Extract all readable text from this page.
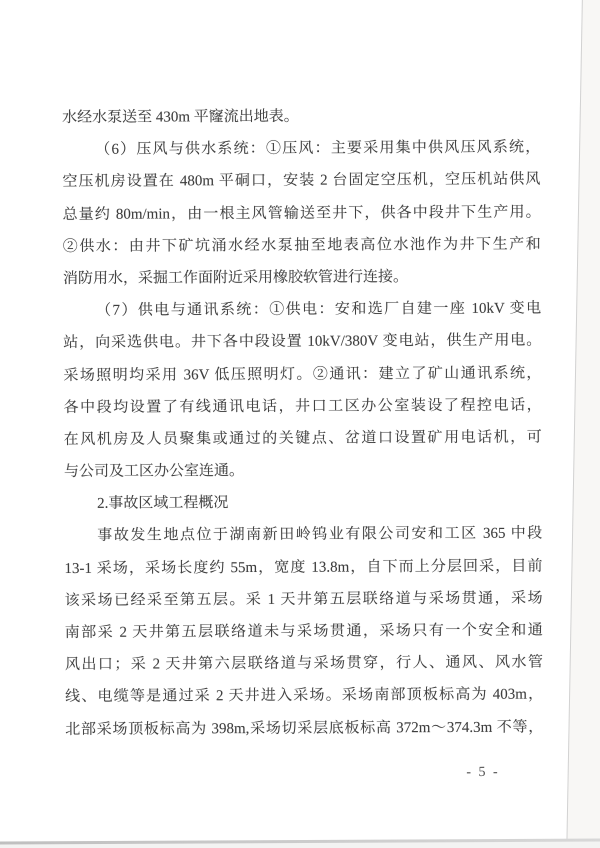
水经水泵送至 430m 平窿流出地表。
（6）压风与供水系统：①压风：主要采用集中供风压风系统，
空压机房设置在 480m 平硐口，安装 2 台固定空压机，空压机站供风
总量约 80m/min，由一根主风管输送至井下，供各中段井下生产用。
②供水：由井下矿坑涌水经水泵抽至地表高位水池作为井下生产和
消防用水，采掘工作面附近采用橡胶软管进行连接。
（7）供电与通讯系统：①供电：安和选厂自建一座 10kV 变电
站，向采选供电。井下各中段设置 10kV/380V 变电站，供生产用电。
采场照明均采用 36V 低压照明灯。②通讯：建立了矿山通讯系统，
各中段均设置了有线通讯电话，井口工区办公室装设了程控电话，
在风机房及人员聚集或通过的关键点、岔道口设置矿用电话机，可
与公司及工区办公室连通。
2.事故区域工程概况
事故发生地点位于湖南新田岭钨业有限公司安和工区 365 中段
13-1 采场，采场长度约 55m，宽度 13.8m，自下而上分层回采，目前
该采场已经采至第五层。采 1 天井第五层联络道与采场贯通，采场
南部采 2 天井第五层联络道未与采场贯通，采场只有一个安全和通
风出口；采 2 天井第六层联络道与采场贯穿，行人、通风、风水管
线、电缆等是通过采 2 天井进入采场。采场南部顶板标高为 403m，
北部采场顶板标高为 398m,采场切采层底板标高 372m～374.3m 不等，
- 5 -
